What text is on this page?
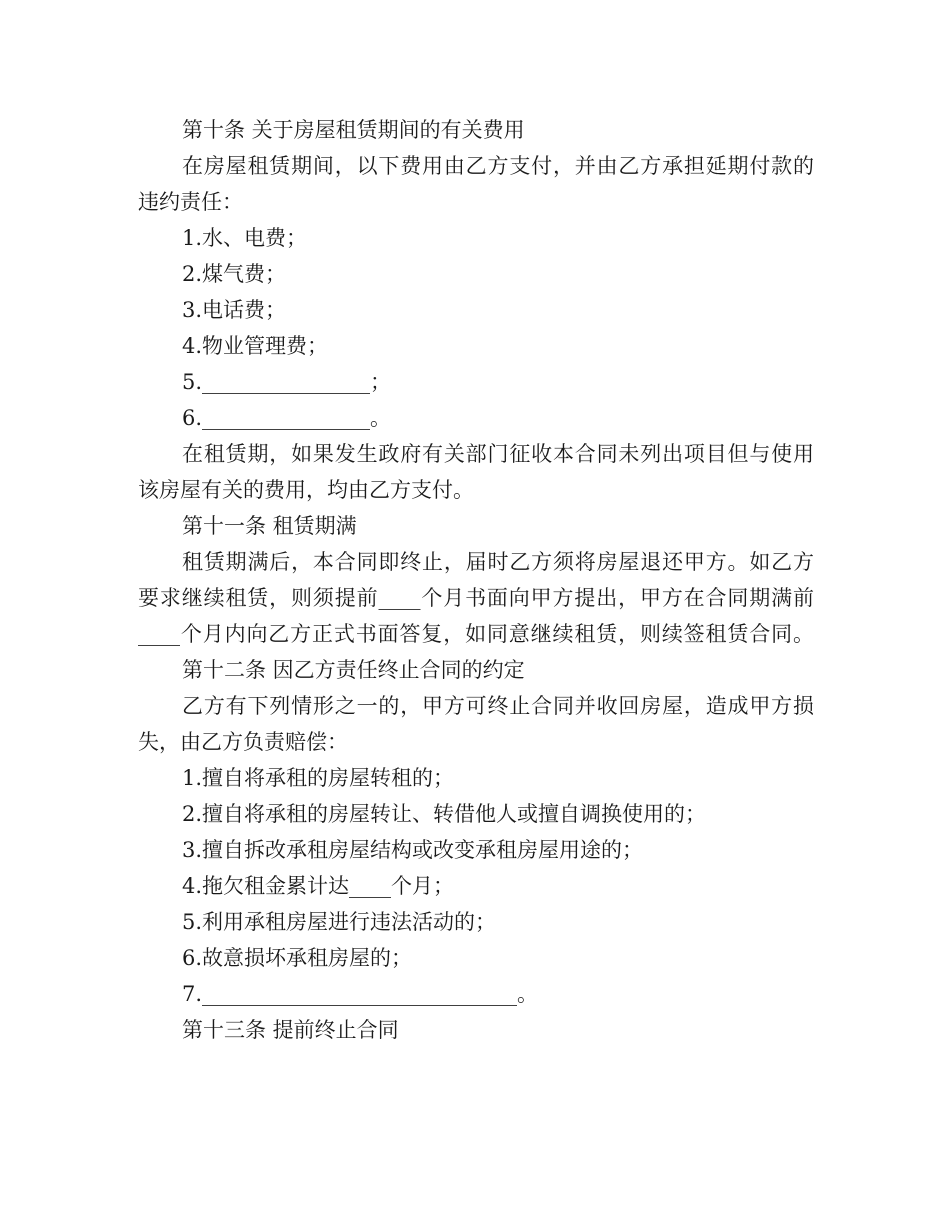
第十条 关于房屋租赁期间的有关费用
在房屋租赁期间，以下费用由乙方支付，并由乙方承担延期付款的
违约责任：
1.水、电费；
2.煤气费；
3.电话费；
4.物业管理费；
5.________________；
6.________________。
在租赁期，如果发生政府有关部门征收本合同未列出项目但与使用
该房屋有关的费用，均由乙方支付。
第十一条 租赁期满
租赁期满后，本合同即终止，届时乙方须将房屋退还甲方。如乙方
要求继续租赁，则须提前____个月书面向甲方提出，甲方在合同期满前
____个月内向乙方正式书面答复，如同意继续租赁，则续签租赁合同。
第十二条 因乙方责任终止合同的约定
乙方有下列情形之一的，甲方可终止合同并收回房屋，造成甲方损
失，由乙方负责赔偿：
1.擅自将承租的房屋转租的；
2.擅自将承租的房屋转让、转借他人或擅自调换使用的；
3.擅自拆改承租房屋结构或改变承租房屋用途的；
4.拖欠租金累计达____个月；
5.利用承租房屋进行违法活动的；
6.故意损坏承租房屋的；
7.______________________________。
第十三条 提前终止合同
